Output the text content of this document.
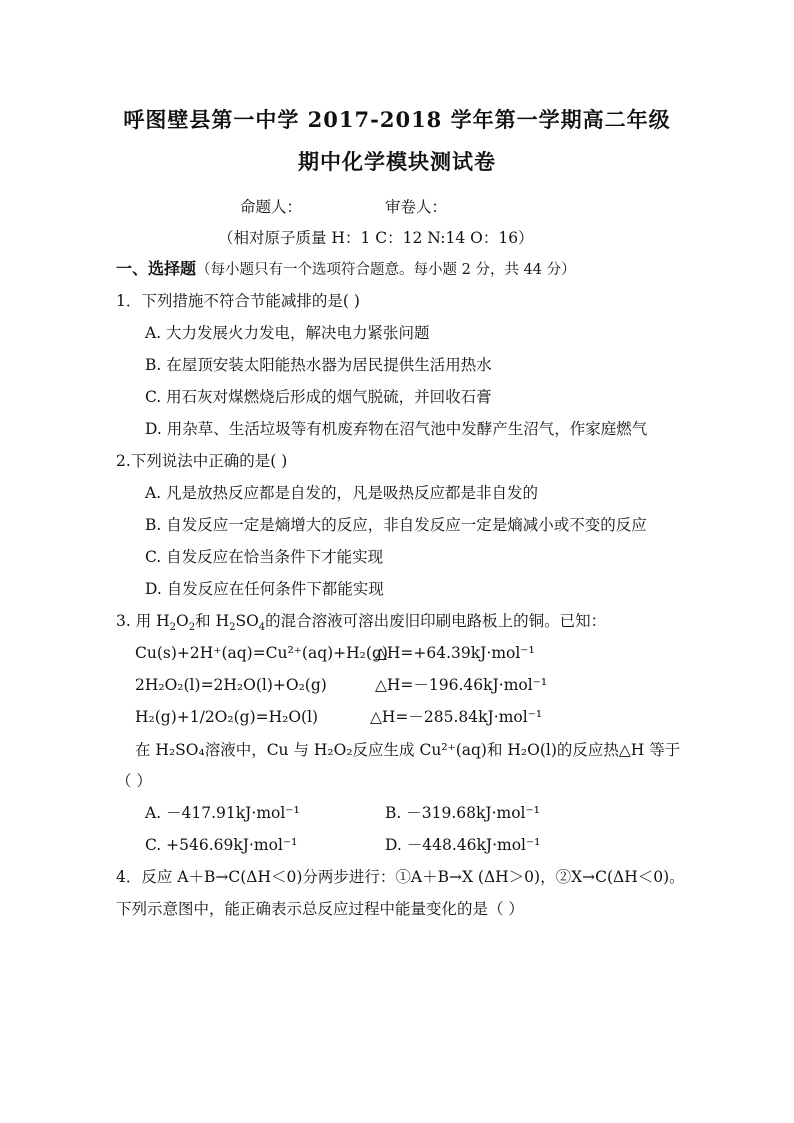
呼图壁县第一中学 2017-2018 学年第一学期高二年级
期中化学模块测试卷
命题人：	审卷人：
（相对原子质量 H：1 C：12 N:14 O：16）
一、选择题（每小题只有一个选项符合题意。每小题 2 分，共 44 分）
1．下列措施不符合节能减排的是( )
A. 大力发展火力发电，解决电力紧张问题
B. 在屋顶安装太阳能热水器为居民提供生活用热水
C. 用石灰对煤燃烧后形成的烟气脱硫，并回收石膏
D. 用杂草、生活垃圾等有机废弃物在沼气池中发酵产生沼气，作家庭燃气
2.下列说法中正确的是( )
A. 凡是放热反应都是自发的，凡是吸热反应都是非自发的
B. 自发反应一定是熵增大的反应，非自发反应一定是熵减小或不变的反应
C. 自发反应在恰当条件下才能实现
D. 自发反应在任何条件下都能实现
3. 用 $H_2O_2$和 $H_2SO_4$的混合溶液可溶出废旧印刷电路板上的铜。已知：
Cu(s)+2H⁺(aq)=Cu²⁺(aq)+H₂(g)
△H=+64.39kJ·mol⁻¹
2H₂O₂(l)=2H₂O(l)+O₂(g)	△H=－196.46kJ·mol⁻¹
H₂(g)+1/2O₂(g)=H₂O(l)	△H=－285.84kJ·mol⁻¹
在 H₂SO₄溶液中，Cu 与 H₂O₂反应生成 Cu²⁺(aq)和 H₂O(l)的反应热△H 等于
（ ）
A. －417.91kJ·mol⁻¹	B. －319.68kJ·mol⁻¹
C. +546.69kJ·mol⁻¹	D. －448.46kJ·mol⁻¹
4．反应 A＋B→C(ΔH＜0)分两步进行：①A＋B→X (ΔH＞0)，②X→C(ΔH＜0)。
下列示意图中，能正确表示总反应过程中能量变化的是（ ）
